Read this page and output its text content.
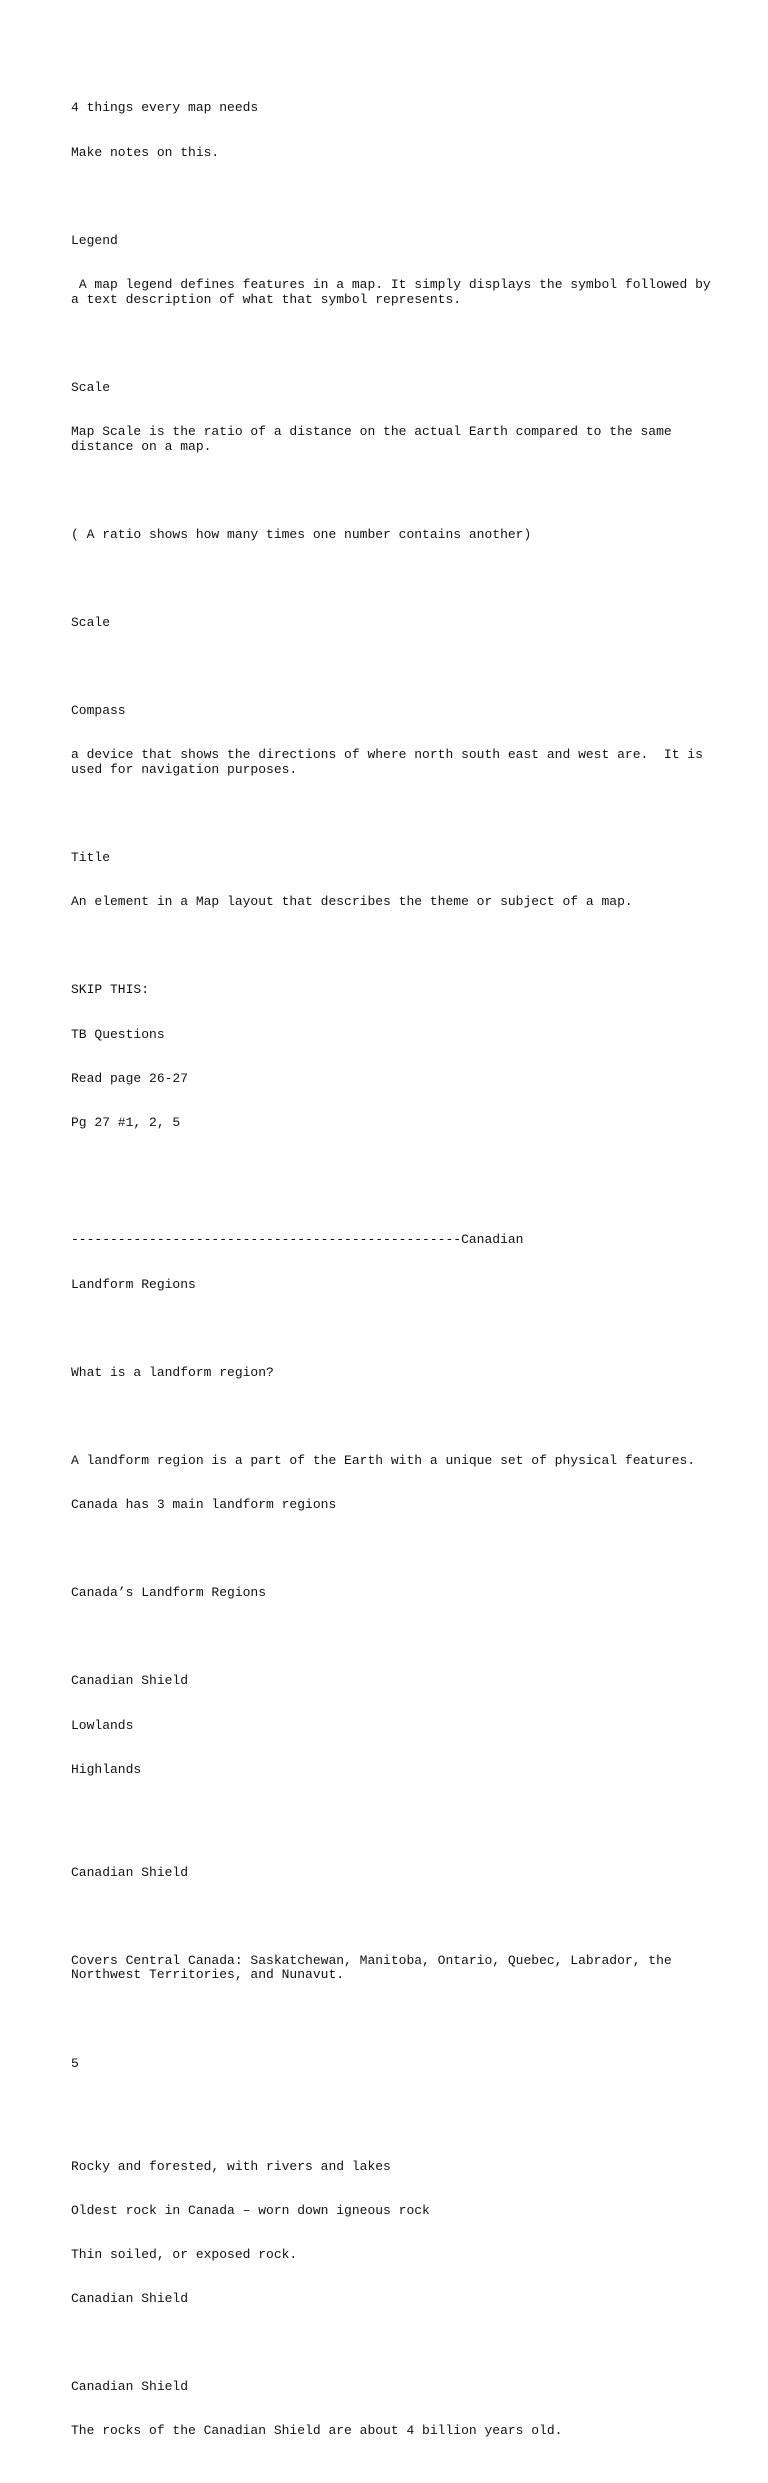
4 things every map needs

Make notes on this.

Legend

A map legend defines features in a map. It simply displays the symbol followed by a text description of what that symbol represents.

Scale

Map Scale is the ratio of a distance on the actual Earth compared to the same distance on a map.

( A ratio shows how many times one number contains another)

Scale

Compass

a device that shows the directions of where north south east and west are.  It is used for navigation purposes.

Title

An element in a Map layout that describes the theme or subject of a map.

SKIP THIS:

TB Questions

Read page 26-27

Pg 27 #1, 2, 5

--------------------------------------------------Canadian

Landform Regions

What is a landform region?

A landform region is a part of the Earth with a unique set of physical features.

Canada has 3 main landform regions

Canada’s Landform Regions

Canadian Shield

Lowlands

Highlands

Canadian Shield

Covers Central Canada: Saskatchewan, Manitoba, Ontario, Quebec, Labrador, the Northwest Territories, and Nunavut.

5

Rocky and forested, with rivers and lakes

Oldest rock in Canada – worn down igneous rock

Thin soiled, or exposed rock.

Canadian Shield

Canadian Shield

The rocks of the Canadian Shield are about 4 billion years old.
